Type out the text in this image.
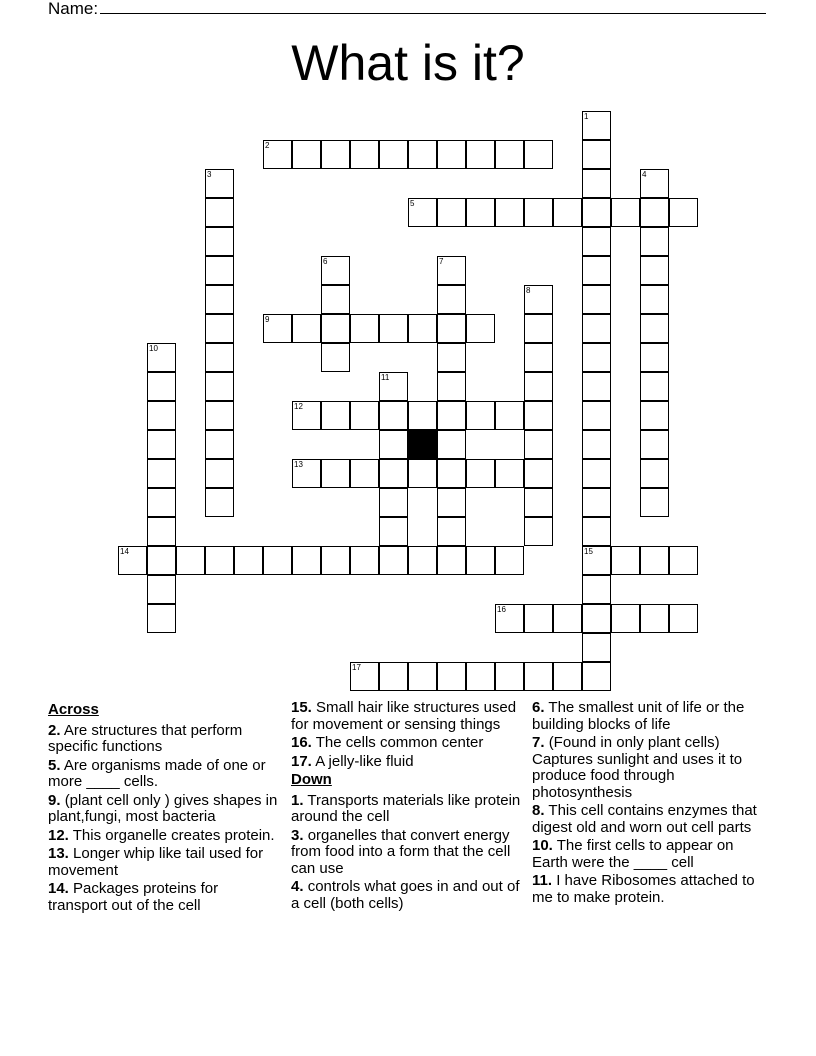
Name:
What is it?
1
15
2
3	4
5
6	7
8
9
10
11
12
13
14
16
17
Across
2. Are structures that perform specific functions
5. Are organisms made of one or more ____ cells.
9. (plant cell only ) gives shapes in plant,fungi, most bacteria
12. This organelle creates protein.
13. Longer whip like tail used for movement
14. Packages proteins for transport out of the cell
15. Small hair like structures used for movement or sensing things
16. The cells common center
17. A jelly-like fluid
Down
1. Transports materials like protein around the cell
3. organelles that convert energy from food into a form that the cell can use
4. controls what goes in and out of a cell (both cells)
6. The smallest unit of life or the building blocks of life
7. (Found in only plant cells) Captures sunlight and uses it to produce food through photosynthesis
8. This cell contains enzymes that digest old and worn out cell parts
10. The first cells to appear on Earth were the ____ cell
11. I have Ribosomes attached to me to make protein.
